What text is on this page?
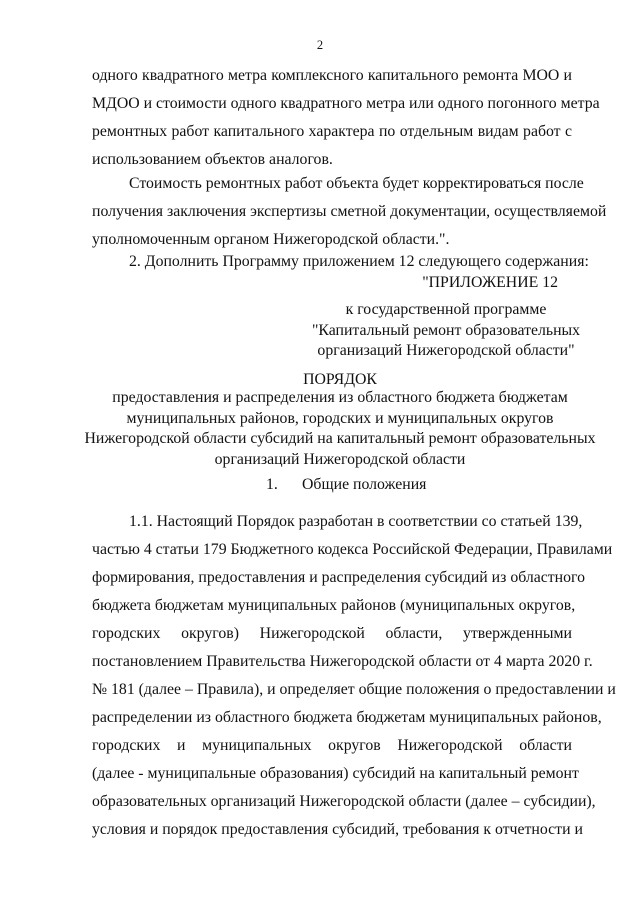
2
одного квадратного метра комплексного капитального ремонта МОО и
МДОО и стоимости одного квадратного метра или одного погонного метра
ремонтных работ капитального характера по отдельным видам работ с
использованием объектов аналогов.
Стоимость ремонтных работ объекта будет корректироваться после
получения заключения экспертизы сметной документации, осуществляемой
уполномоченным органом Нижегородской области.".
2. Дополнить Программу приложением 12 следующего содержания:
"ПРИЛОЖЕНИЕ 12
к государственной программе
"Капитальный ремонт образовательных
организаций Нижегородской области"
ПОРЯДОК
предоставления и распределения из областного бюджета бюджетам
муниципальных районов, городских и муниципальных округов
Нижегородской области субсидий на капитальный ремонт образовательных
организаций Нижегородской области
1. Общие положения
1.1. Настоящий Порядок разработан в соответствии со статьей 139,
частью 4 статьи 179 Бюджетного кодекса Российской Федерации, Правилами
формирования, предоставления и распределения субсидий из областного
бюджета бюджетам муниципальных районов (муниципальных округов,
городских округов) Нижегородской области, утвержденными
постановлением Правительства Нижегородской области от 4 марта 2020 г.
№ 181 (далее – Правила), и определяет общие положения о предоставлении и
распределении из областного бюджета бюджетам муниципальных районов,
городских и муниципальных округов Нижегородской области
(далее - муниципальные образования) субсидий на капитальный ремонт
образовательных организаций Нижегородской области (далее – субсидии),
условия и порядок предоставления субсидий, требования к отчетности и
